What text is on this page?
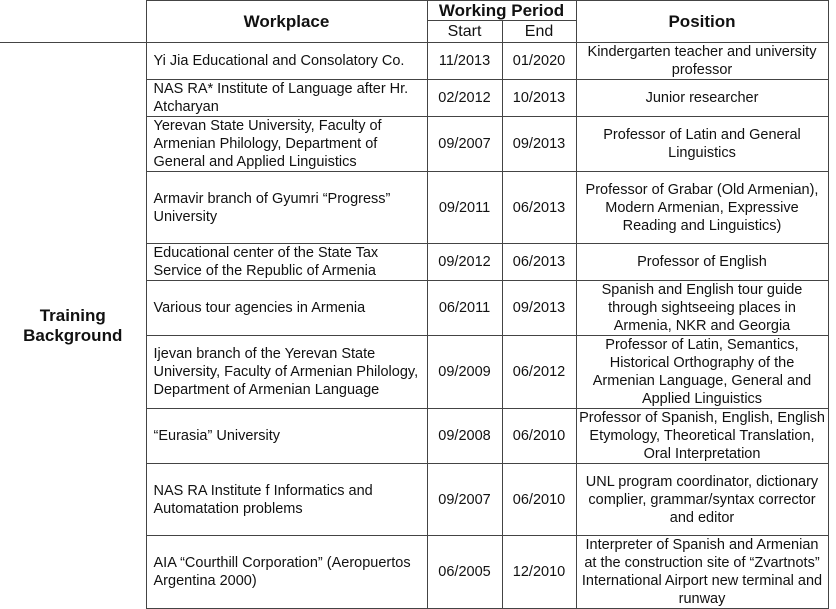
	Workplace	Working Period		Position
		Start	End	
Training
Background	Yi Jia Educational and Consolatory Co.	11/2013	01/2020	Kindergarten teacher and university professor
	NAS RA* Institute of Language after Hr. Atcharyan	02/2012	10/2013	Junior researcher
	Yerevan State University, Faculty of Armenian Philology, Department of General and Applied Linguistics	09/2007	09/2013	Professor of Latin and General Linguistics
	Armavir branch of Gyumri “Progress” University	09/2011	06/2013	Professor of Grabar (Old Armenian), Modern Armenian, Expressive Reading and Linguistics)
	Educational center of the State Tax Service of the Republic of Armenia	09/2012	06/2013	Professor of English
	Various tour agencies in Armenia	06/2011	09/2013	Spanish and English tour guide through sightseeing places in Armenia, NKR and Georgia
	Ijevan branch of the Yerevan State University, Faculty of Armenian Philology, Department of Armenian Language	09/2009	06/2012	Professor of Latin, Semantics, Historical Orthography of the Armenian Language, General and Applied Linguistics
	“Eurasia” University	09/2008	06/2010	Professor of Spanish, English, English Etymology, Theoretical Translation, Oral Interpretation
	NAS RA Institute f Informatics and Automatation problems	09/2007	06/2010	UNL program coordinator, dictionary complier, grammar/syntax corrector and editor
	AIA “Courthill Corporation” (Aeropuertos Argentina 2000)	06/2005	12/2010	Interpreter of Spanish and Armenian at the construction site of “Zvartnots” International Airport new terminal and runway
